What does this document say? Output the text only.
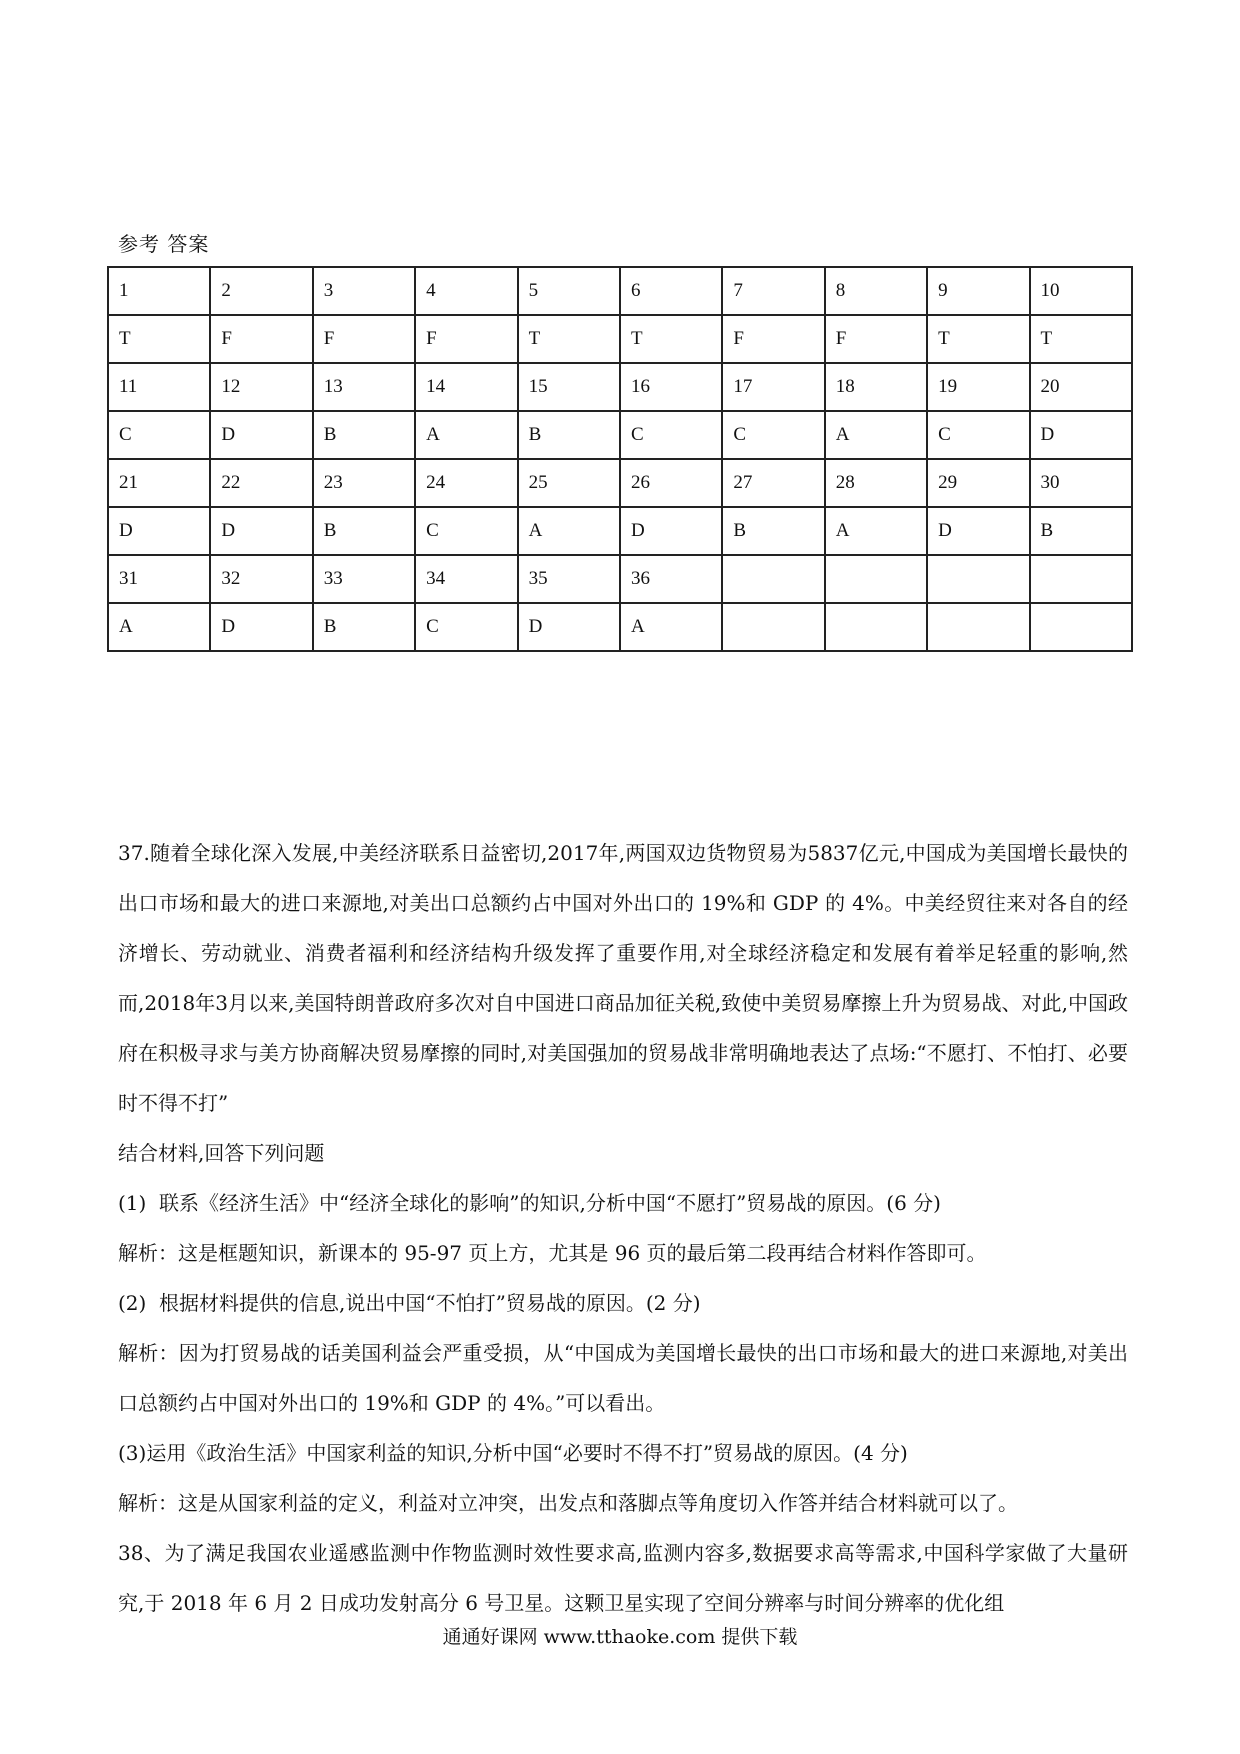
参考 答案
1	2	3	4	5	6	7	8	9	10
T	F	F	F	T	T	F	F	T	T
11	12	13	14	15	16	17	18	19	20
C	D	B	A	B	C	C	A	C	D
21	22	23	24	25	26	27	28	29	30
D	D	B	C	A	D	B	A	D	B
31	32	33	34	35	36				
A	D	B	C	D	A				

37.随着全球化深入发展,中美经济联系日益密切,2017年,两国双边货物贸易为5837亿元,中国成为美国增长最快的出口市场和最大的进口来源地,对美出口总额约占中国对外出口的 19%和 GDP 的 4%。中美经贸往来对各自的经济增长、劳动就业、消费者福利和经济结构升级发挥了重要作用,对全球经济稳定和发展有着举足轻重的影响,然而,2018年3月以来,美国特朗普政府多次对自中国进口商品加征关税,致使中美贸易摩擦上升为贸易战、对此,中国政府在积极寻求与美方协商解决贸易摩擦的同时,对美国强加的贸易战非常明确地表达了点场:“不愿打、不怕打、必要时不得不打”

结合材料,回答下列问题

(1)  联系《经济生活》中“经济全球化的影响”的知识,分析中国“不愿打”贸易战的原因。(6 分)

解析：这是框题知识，新课本的 95-97 页上方，尤其是 96 页的最后第二段再结合材料作答即可。

(2)  根据材料提供的信息,说出中国“不怕打”贸易战的原因。(2 分)

解析：因为打贸易战的话美国利益会严重受损，从“中国成为美国增长最快的出口市场和最大的进口来源地,对美出口总额约占中国对外出口的 19%和 GDP 的 4%。”可以看出。

(3)运用《政治生活》中国家利益的知识,分析中国“必要时不得不打”贸易战的原因。(4 分)

解析：这是从国家利益的定义，利益对立冲突，出发点和落脚点等角度切入作答并结合材料就可以了。

38、为了满足我国农业遥感监测中作物监测时效性要求高,监测内容多,数据要求高等需求,中国科学家做了大量研究,于 2018 年 6 月 2 日成功发射高分 6 号卫星。这颗卫星实现了空间分辨率与时间分辨率的优化组

通通好课网 www.tthaoke.com 提供下载
